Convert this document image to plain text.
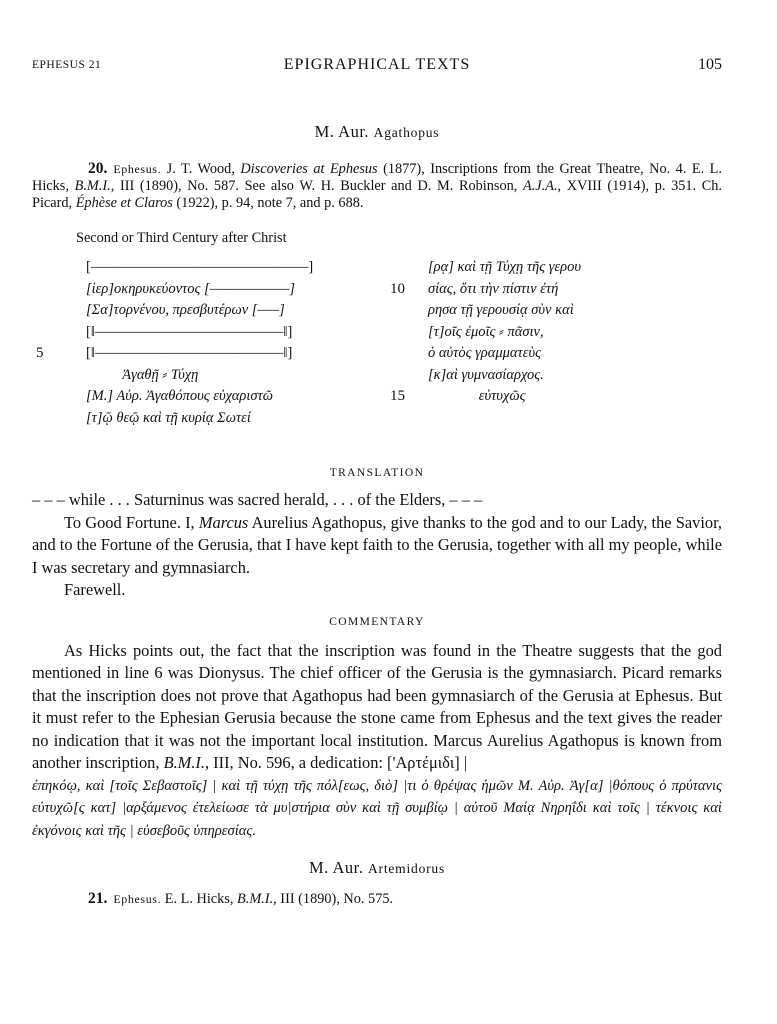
EPHESUS 21	EPIGRAPHICAL TEXTS	105
M. Aur. Agathopus
20. Ephesus. J. T. Wood, Discoveries at Ephesus (1877), Inscriptions from the Great Theatre, No. 4. E. L. Hicks, B.M.I., III (1890), No. 587. See also W. H. Buckler and D. M. Robinson, A.J.A., XVIII (1914), p. 351. Ch. Picard, Éphèse et Claros (1922), p. 94, note 7, and p. 688.
Second or Third Century after Christ
5
10
15
[––––––––––––––––––––––––––––––]
[ἱερ]οκηρυκεύοντος [–––––––––––]
[Σα]τορνένου, πρεσβυτέρων [–––]
[‖––––––––––––––––––––––––––‖]
[‖––––––––––––––––––––––––––‖]
Ἀγαθῇ ⸗ Τύχῃ
[Μ.] Αὐρ. Ἀγαθόπους εὐχαριστῶ
[τ]ῷ θεῷ καὶ τῇ κυρίᾳ Σωτεί
[ρᾳ] καὶ τῇ Τύχῃ τῆς γερου
σίας, ὅτι τὴν πίστιν ἐτή
ρησα τῇ γερουσίᾳ σὺν καὶ
[τ]οῖς ἐμοῖς ⸗ πᾶσιν,
ὁ αὐτὸς γραμματεὺς
[κ]αὶ γυμνασίαρχος.
εὐτυχῶς
TRANSLATION

– – – while . . . Saturninus was sacred herald, . . . of the Elders, – – –

To Good Fortune. I, Marcus Aurelius Agathopus, give thanks to the god and to our Lady, the Savior, and to the Fortune of the Gerusia, that I have kept faith to the Gerusia, together with all my people, while I was secretary and gymnasiarch.

Farewell.

COMMENTARY

As Hicks points out, the fact that the inscription was found in the Theatre suggests that the god mentioned in line 6 was Dionysus. The chief officer of the Gerusia is the gymnasiarch. Picard remarks that the inscription does not prove that Agathopus had been gymnasiarch of the Gerusia at Ephesus. But it must refer to the Ephesian Gerusia because the stone came from Ephesus and the text gives the reader no indication that it was not the important local institution. Marcus Aurelius Agathopus is known from another inscription, B.M.I., III, No. 596, a dedication: ['Αρτέμιδι] |

ἐπηκόῳ, καὶ [τοῖς Σεβαστοῖς] | καὶ τῇ τύχῃ τῆς πόλ[εως, διὸ] |τι ὁ θρέψας ἡμῶν Μ. Αὐρ. Ἀγ[α] |θόπους ὁ πρύτανις εὐτυχῶ[ς κατ] |αρξάμενος ἐτελείωσε τὰ μυ|στήρια σὺν καὶ τῇ συμβίῳ | αὐτοῦ Μαίᾳ Νηρηΐδι καὶ τοῖς | τέκνοις καὶ ἐκγόνοις καὶ τῆς | εὐσεβοῦς ὑπηρεσίας.
M. Aur. Artemidorus
21. Ephesus. E. L. Hicks, B.M.I., III (1890), No. 575.
